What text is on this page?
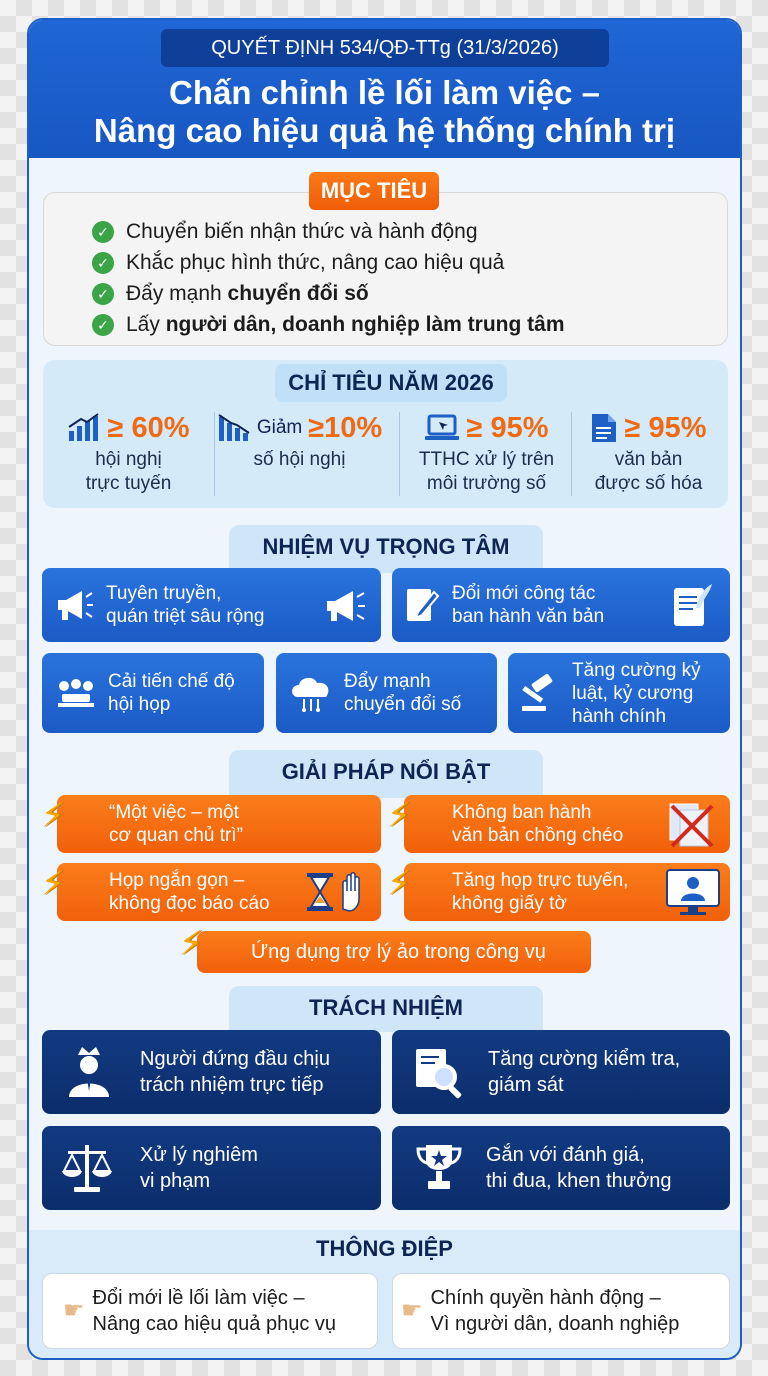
QUYẾT ĐỊNH 534/QĐ-TTg (31/3/2026)
Chấn chỉnh lề lối làm việc –
Nâng cao hiệu quả hệ thống chính trị
✓ Chuyển biến nhận thức và hành động
✓ Khắc phục hình thức, nâng cao hiệu quả
✓ Đẩy mạnh chuyển đổi số
✓ Lấy người dân, doanh nghiệp làm trung tâm
MỤC TIÊU
CHỈ TIÊU NĂM 2026
≥ 60%
hội nghị
trực tuyến
Giảm ≥10%
số hội nghị
≥ 95%
TTHC xử lý trên
môi trường số
≥ 95%
văn bản
được số hóa
NHIỆM VỤ TRỌNG TÂM
Tuyên truyền,
quán triệt sâu rộng
Đổi mới công tác
ban hành văn bản
Cải tiến chế độ
hội họp
Đẩy mạnh
chuyển đổi số
Tăng cường kỷ
luật, kỷ cương
hành chính
GIẢI PHÁP NỔI BẬT
“Một việc – một
cơ quan chủ trì”
⚡	Không ban hành
văn bản chồng chéo
⚡
Họp ngắn gọn –
không đọc báo cáo
⚡	Tăng họp trực tuyến,
không giấy tờ
⚡
Ứng dụng trợ lý ảo trong công vụ
⚡
TRÁCH NHIỆM
Người đứng đầu chịu
trách nhiệm trực tiếp
Tăng cường kiểm tra,
giám sát
Xử lý nghiêm
vi phạm
Gắn với đánh giá,
thi đua, khen thưởng
THÔNG ĐIỆP
☛ Đổi mới lề lối làm việc –
Nâng cao hiệu quả phục vụ	☛ Chính quyền hành động –
Vì người dân, doanh nghiệp
